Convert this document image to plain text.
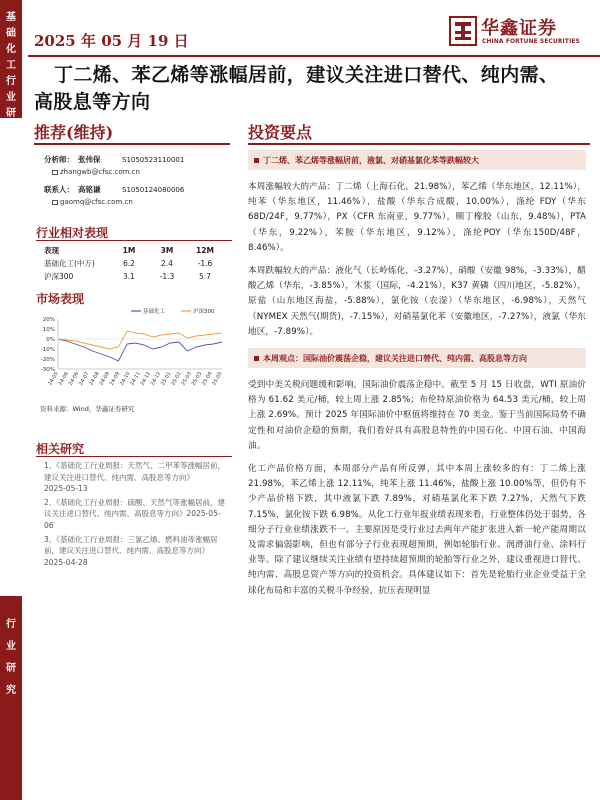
基
础
化
工
行
业
研
究
报
告
行
业
研
究
2025 年 05 月 19 日
华鑫证券
CHINA FORTUNE SECURITIES
丁二烯、苯乙烯等涨幅居前，建议关注进口替代、纯内需、高股息等方向
推荐(维持)	投资要点
分析师： 张伟保	S1050523110001
zhangwb@cfsc.com.cn
联系人： 高铭谦	S1050124080006
gaomq@cfsc.com.cn
行业相对表现
表现	1M	3M	12M
基础化工(中万)	6.2	2.4	-1.6
沪深300	3.1	-1.3	5.7
市场表现
20%
10%
0%
-10%
-20%
-30%
基础化工	沪深300
24-05
24-06
24-06
24-07
24-08
24-09
24-09
24-10
24-11
24-12
24-12
25-01
25-02
25-03
25-03
25-04
25-05
资料来源：Wind，华鑫证券研究
相关研究
1、《基础化工行业周报：天然气、二甲苯等涨幅居前，建议关注进口替代、纯内需、高股息等方向》
2025-05-13
2、《基础化工行业周报：硫酸、天然气等涨幅居前，建议关注进口替代、纯内需、高股息等方向》2025-05-06
3、《基础化工行业周报：三氯乙烯、燃料油等涨幅居前，建议关注进口替代、纯内需、高股息等方向》2025-04-28
丁二烯、苯乙烯等涨幅居前，液氯、对硝基氯化苯等跌幅较大

本周涨幅较大的产品：丁二烯（上海石化，21.98%），苯乙烯（华东地区，12.11%），纯苯（华东地区，11.46%），盐酸（华东合成酸，10.00%），涤纶 FDY（华东 68D/24F，9.77%），PX（CFR 东南亚，9.77%），顺丁橡胶（山东，9.48%），PTA（华东，9.22%），苯胺（华东地区，9.12%），涤纶POY（华东150D/48F，8.46%）。

本周跌幅较大的产品：液化气（长岭炼化，-3.27%），硝酸（安徽 98%，-3.33%），醋酸乙烯（华东，-3.85%），木浆（国际，-4.21%），K37 黄磷（四川地区，-5.82%），原盐（山东地区海盐，-5.88%），氯化铵（农湿）（华东地区，-6.98%），天然气（NYMEX 天然气(期货)，-7.15%），对硝基氯化苯（安徽地区，-7.27%），液氯（华东地区，-7.89%）。

本周观点：国际油价震荡企稳，建议关注进口替代、纯内需、高股息等方向

受到中美关税问题缓和影响，国际油价震荡企稳中。截至 5 月 15 日收盘，WTI 原油价格为 61.62 美元/桶，较上周上涨 2.85%；布伦特原油价格为 64.53 美元/桶，较上周上涨 2.69%。预计 2025 年国际油价中枢值将维持在 70 美金。鉴于当前国际局势不确定性和对油价企稳的预期，我们看好具有高股息特性的中国石化、中国石油、中国海油。

化工产品价格方面，本周部分产品有所反弹，其中本周上涨较多的有：丁二烯上涨 21.98%，苯乙烯上涨 12.11%，纯苯上涨 11.46%，盐酸上涨 10.00%等，但仍有不少产品价格下跌，其中液氯下跌 7.89%，对硝基氯化苯下跌 7.27%，天然气下跌 7.15%，氯化铵下跌 6.98%。从化工行业年报业绩表现来看，行业整体仍处于弱势，各细分子行业业绩涨跌不一。主要原因是受行业过去两年产能扩张进入新一轮产能周期以及需求偏弱影响，但也有部分子行业表现超预期，例如轮胎行业、润滑油行业、涂料行业等。除了建议继续关注业绩有望持续超预期的轮胎等行业之外，建议重视进口替代、纯内需、高股息资产等方向的投资机会。具体建议如下：首先是轮胎行业企业受益于全球化布局和丰富的关税斗争经验，抗压表现明显
